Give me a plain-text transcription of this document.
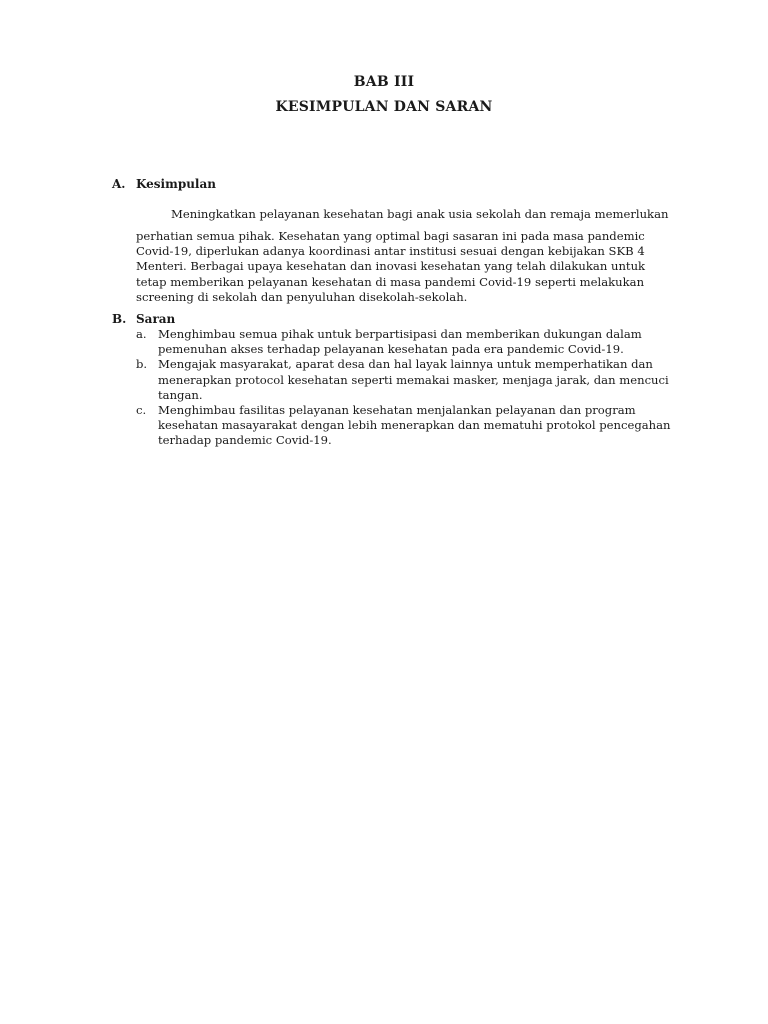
BAB III
KESIMPULAN DAN SARAN
A. Kesimpulan
Meningkatkan pelayanan kesehatan bagi anak usia sekolah dan remaja memerlukan
perhatian semua pihak. Kesehatan yang optimal bagi sasaran ini pada masa pandemic
Covid-19, diperlukan adanya koordinasi antar institusi sesuai dengan kebijakan SKB 4
Menteri. Berbagai upaya kesehatan dan inovasi kesehatan yang telah dilakukan untuk
tetap memberikan pelayanan kesehatan di masa pandemi Covid-19 seperti melakukan
screening di sekolah dan penyuluhan disekolah-sekolah.
B. Saran
a. Menghimbau semua pihak untuk berpartisipasi dan memberikan dukungan dalam
pemenuhan akses terhadap pelayanan kesehatan pada era pandemic Covid-19.
b. Mengajak masyarakat, aparat desa dan hal layak lainnya untuk memperhatikan dan
menerapkan protocol kesehatan seperti memakai masker, menjaga jarak, dan mencuci
tangan.
c. Menghimbau fasilitas pelayanan kesehatan menjalankan pelayanan dan program
kesehatan masayarakat dengan lebih menerapkan dan mematuhi protokol pencegahan
terhadap pandemic Covid-19.
